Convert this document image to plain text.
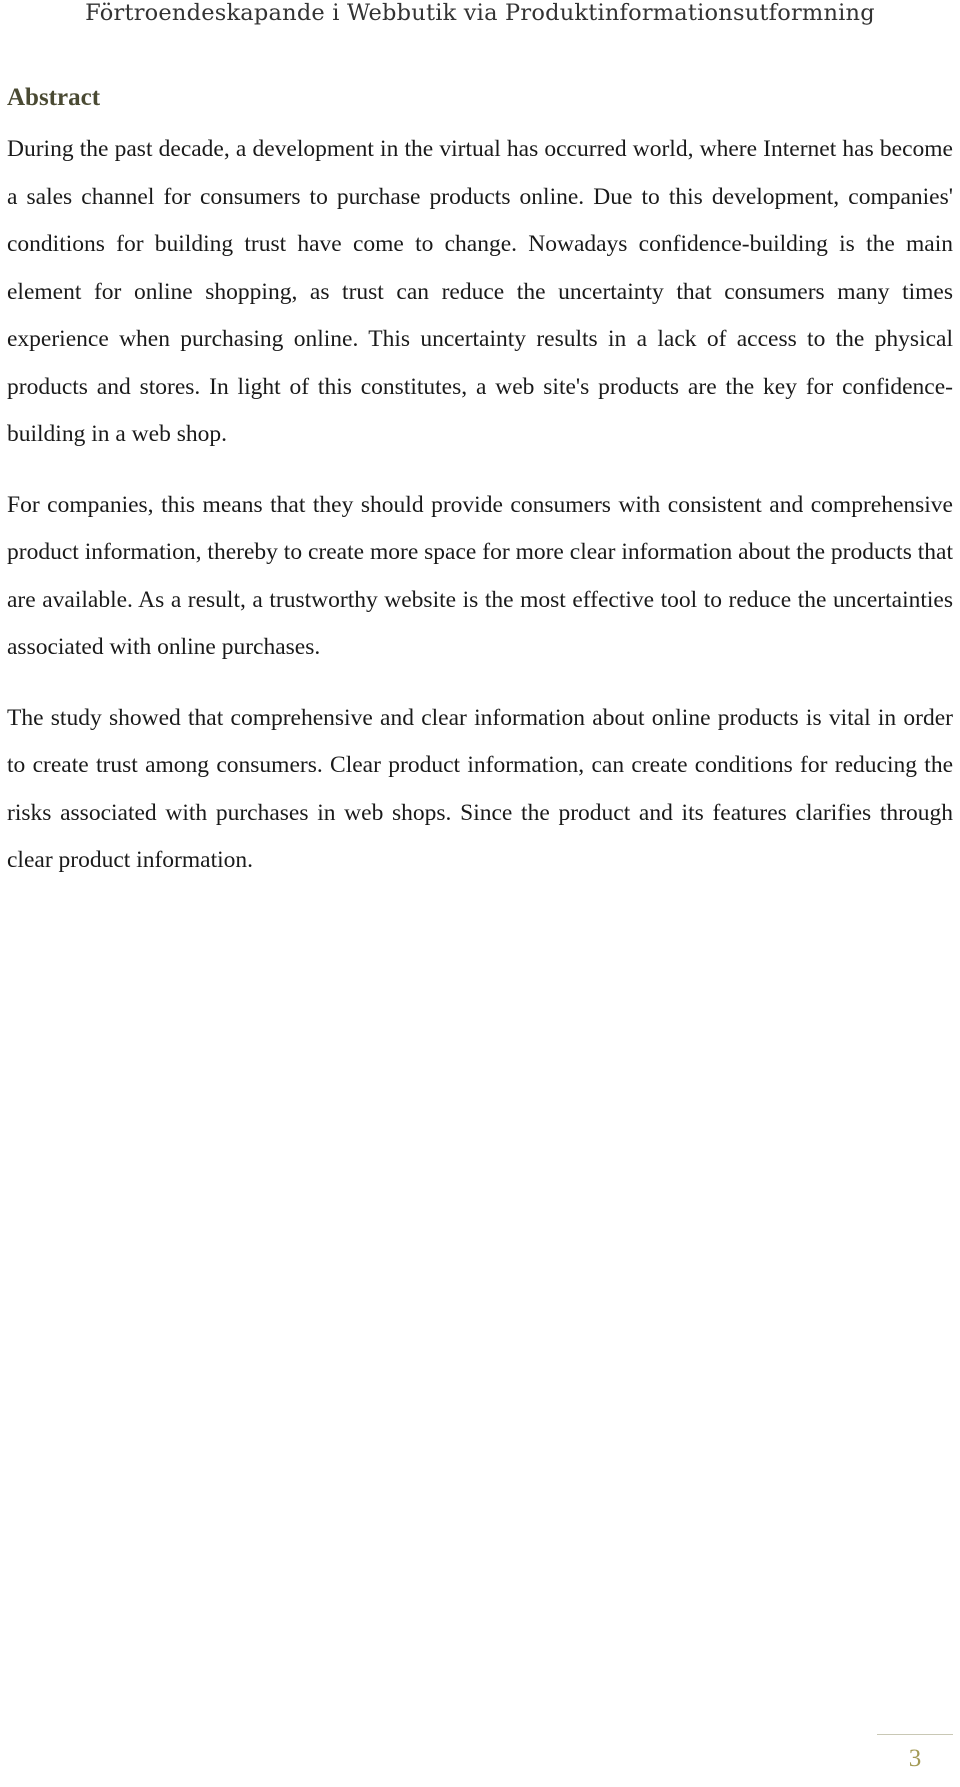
Förtroendeskapande i Webbutik via Produktinformationsutformning
Abstract

During the past decade, a development in the virtual has occurred world, where Internet has become a sales channel for consumers to purchase products online. Due to this development, companies' conditions for building trust have come to change. Nowadays confidence-building is the main element for online shopping, as trust can reduce the uncertainty that consumers many times experience when purchasing online. This uncertainty results in a lack of access to the physical products and stores. In light of this constitutes, a web site's products are the key for confidence-building in a web shop.

For companies, this means that they should provide consumers with consistent and comprehensive product information, thereby to create more space for more clear information about the products that are available. As a result, a trustworthy website is the most effective tool to reduce the uncertainties associated with online purchases.

The study showed that comprehensive and clear information about online products is vital in order to create trust among consumers. Clear product information, can create conditions for reducing the risks associated with purchases in web shops. Since the product and its features clarifies through clear product information.

3
